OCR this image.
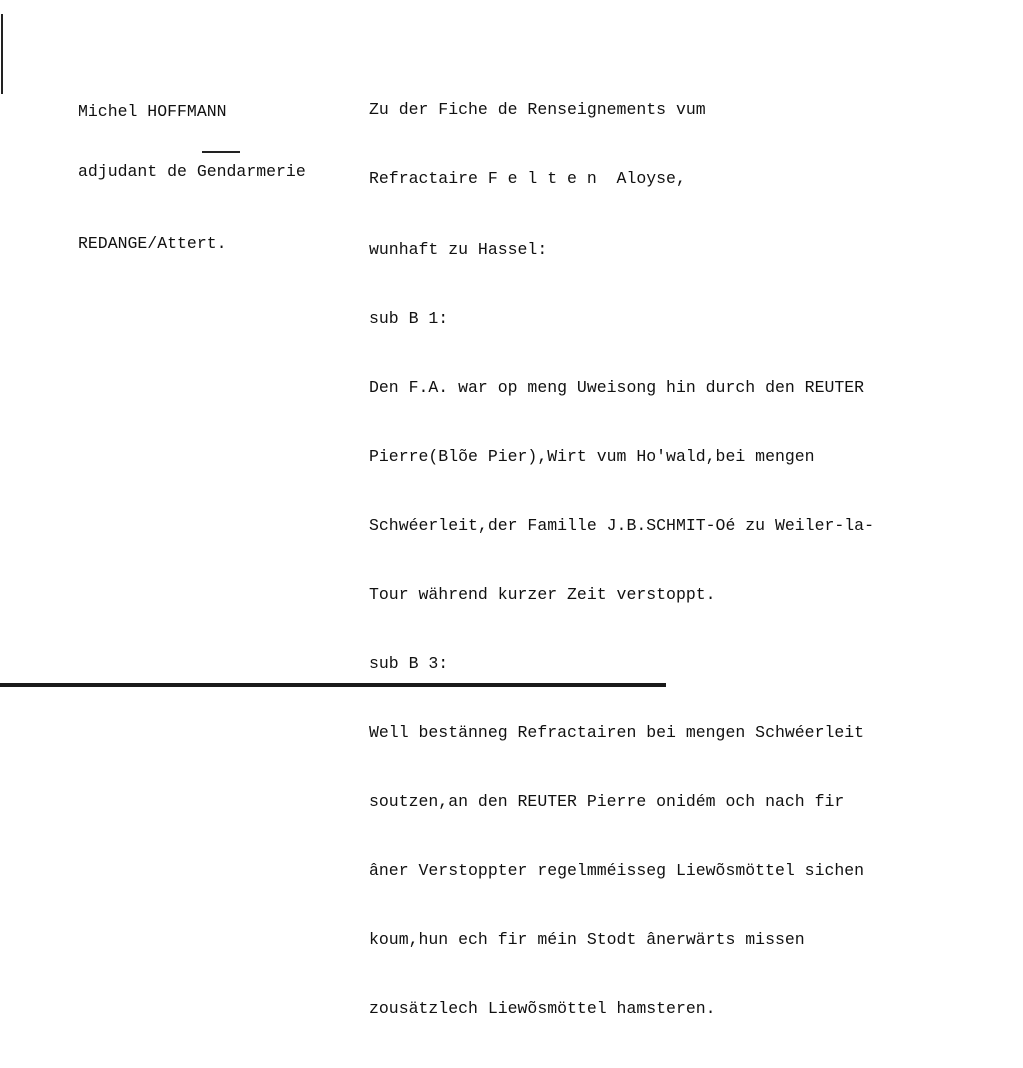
Michel HOFFMANN

adjudant de Gendarmerie

REDANGE/Attert.

Zu der Fiche de Renseignements vum

Refractaire F e l t e n  Aloyse,

wunhaft zu Hassel:

sub B 1:

Den F.A. war op meng Uweisong hin durch den REUTER

Pierre(Blõe Pier),Wirt vum Ho'wald,bei mengen

Schwéerleit,der Famille J.B.SCHMIT-Oé zu Weiler-la-

Tour während kurzer Zeit verstoppt.

sub B 3:

Well bestänneg Refractairen bei mengen Schwéerleit

soutzen,an den REUTER Pierre onidém och nach fir

âner Verstoppter regelmméisseg Liewõsmöttel sichen

koum,hun ech fir méin Stodt ânerwärts missen

zousätzlech Liewõsmöttel hamsteren.
